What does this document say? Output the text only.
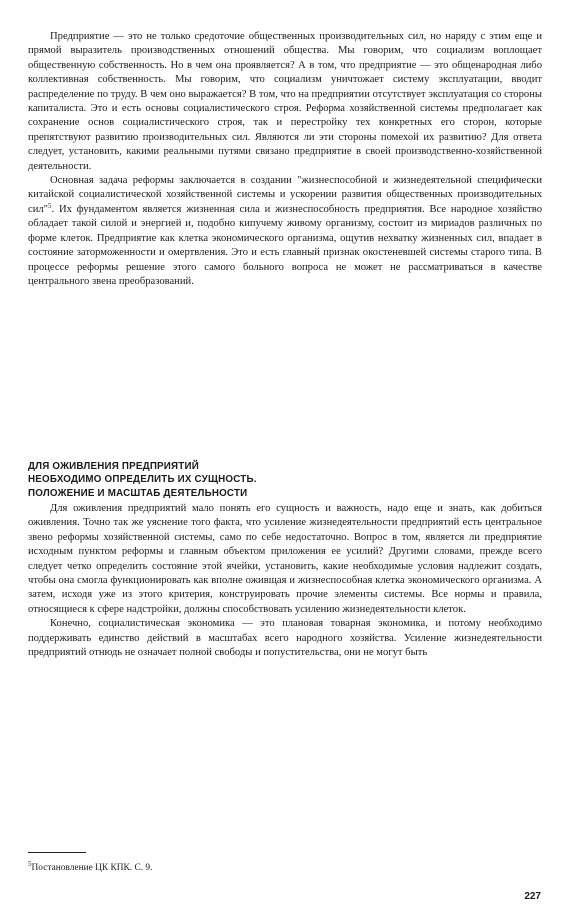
Предприятие — это не только средоточие общественных производительных сил, но наряду с этим еще и прямой выразитель производственных отношений общества. Мы говорим, что социализм воплощает общественную собственность. Но в чем она проявляется? А в том, что предприятие — это общенародная либо коллективная собственность. Мы говорим, что социализм уничтожает систему эксплуатации, вводит распределение по труду. В чем оно выражается? В том, что на предприятии отсутствует эксплуатация со стороны капиталиста. Это и есть основы социалистического строя. Реформа хозяйственной системы предполагает как сохранение основ социалистического строя, так и перестройку тех конкретных его сторон, которые препятствуют развитию производительных сил. Являются ли эти стороны помехой их развитию? Для ответа следует, установить, какими реальными путями связано предприятие в своей производственно-хозяйственной деятельности.

Основная задача реформы заключается в создании "жизнеспособной и жизнедеятельной специфически китайской социалистической хозяйственной системы и ускорении развития общественных производительных сил"$^5$. Их фундаментом является жизненная сила и жизнеспособность предприятия. Все народное хозяйство обладает такой силой и энергией и, подобно кипучему живому организму, состоит из мириадов различных по форме клеток. Предприятие как клетка экономического организма, ощутив нехватку жизненных сил, впадает в состояние заторможенности и омертвления. Это и есть главный признак окостеневшей системы старого типа. В процессе реформы решение этого самого больного вопроса не может не рассматриваться в качестве центрального звена преобразований.

ДЛЯ ОЖИВЛЕНИЯ ПРЕДПРИЯТИЙ
НЕОБХОДИМО ОПРЕДЕЛИТЬ ИХ СУЩНОСТЬ.
ПОЛОЖЕНИЕ И МАСШТАБ ДЕЯТЕЛЬНОСТИ

Для оживления предприятий мало понять его сущность и важность, надо еще и знать, как добиться оживления. Точно так же уяснение того факта, что усиление жизнедеятельности предприятий есть центральное звено реформы хозяйственной системы, само по себе недостаточно. Вопрос в том, является ли предприятие исходным пунктом реформы и главным объектом приложения ее усилий? Другими словами, прежде всего следует четко определить состояние этой ячейки, установить, какие необходимые условия надлежит создать, чтобы она смогла функционировать как вполне оживщая и жизнеспособная клетка экономического организма. А затем, исходя уже из этого критерия, конструировать прочие элементы системы. Все нормы и правила, относящиеся к сфере надстройки, должны способствовать усилению жизнедеятельности клеток.

Конечно, социалистическая экономика — это плановая товарная экономика, и потому необходимо поддерживать единство действий в масштабах всего народного хозяйства. Усиление жизнедеятельности предприятий отнюдь не означает полной свободы и попустительства, они не могут быть

$^5$Постановление ЦК КПК. С. 9.
227
